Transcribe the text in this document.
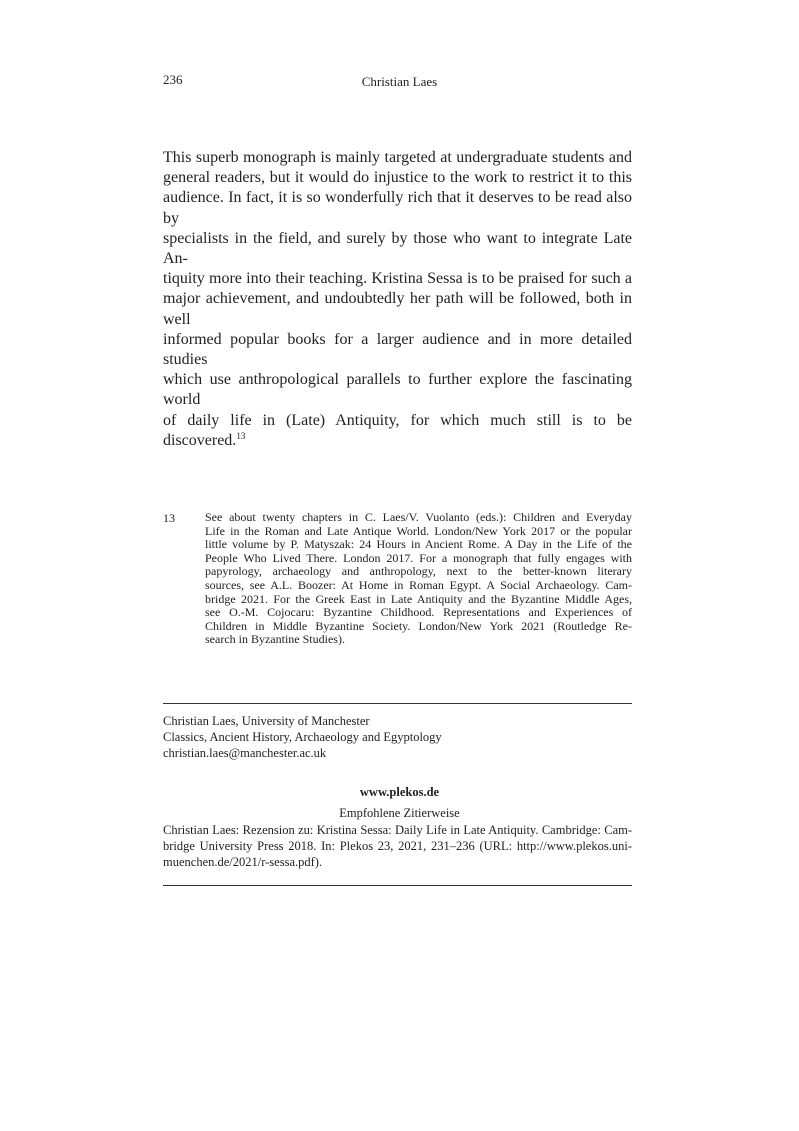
236	Christian Laes
This superb monograph is mainly targeted at undergraduate students and
general readers, but it would do injustice to the work to restrict it to this
audience. In fact, it is so wonderfully rich that it deserves to be read also by
specialists in the field, and surely by those who want to integrate Late An-
tiquity more into their teaching. Kristina Sessa is to be praised for such a
major achievement, and undoubtedly her path will be followed, both in well
informed popular books for a larger audience and in more detailed studies
which use anthropological parallels to further explore the fascinating world
of daily life in (Late) Antiquity, for which much still is to be discovered.$^{13}$
13	See about twenty chapters in C. Laes/V. Vuolanto (eds.): Children and Everyday
Life in the Roman and Late Antique World. London/New York 2017 or the popular
little volume by P. Matyszak: 24 Hours in Ancient Rome. A Day in the Life of the
People Who Lived There. London 2017. For a monograph that fully engages with
papyrology, archaeology and anthropology, next to the better-known literary
sources, see A.L. Boozer: At Home in Roman Egypt. A Social Archaeology. Cam-
bridge 2021. For the Greek East in Late Antiquity and the Byzantine Middle Ages,
see O.-M. Cojocaru: Byzantine Childhood. Representations and Experiences of
Children in Middle Byzantine Society. London/New York 2021 (Routledge Re-
search in Byzantine Studies).
Christian Laes, University of Manchester
Classics, Ancient History, Archaeology and Egyptology
christian.laes@manchester.ac.uk
www.plekos.de
Empfohlene Zitierweise
Christian Laes: Rezension zu: Kristina Sessa: Daily Life in Late Antiquity. Cambridge: Cam-
bridge University Press 2018. In: Plekos 23, 2021, 231–236 (URL: http://www.plekos.uni-
muenchen.de/2021/r-sessa.pdf).
